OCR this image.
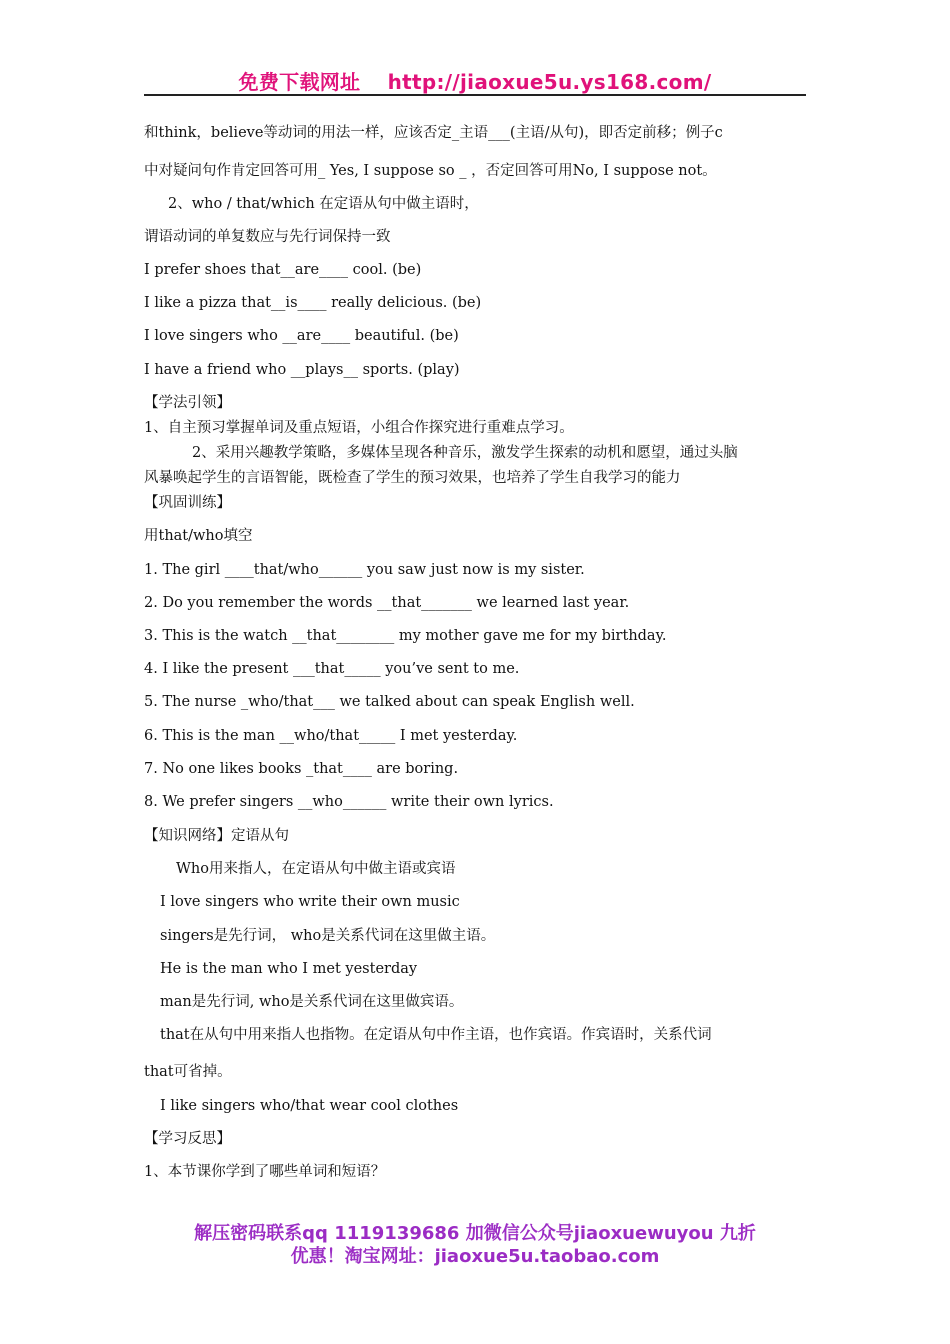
免费下载网址 http://jiaoxue5u.ys168.com/
和think，believe等动词的用法一样，应该否定_主语___(主语/从句)，即否定前移；例子c
中对疑问句作肯定回答可用_ Yes, I suppose so _ ，否定回答可用No, I suppose not。
2、who / that/which 在定语从句中做主语时，
谓语动词的单复数应与先行词保持一致
I prefer shoes that__are____ cool. (be)
I like a pizza that__is____ really delicious. (be)
I love singers who __are____ beautiful. (be)
I have a friend who __plays__ sports. (play)
【学法引领】
1、自主预习掌握单词及重点短语，小组合作探究进行重难点学习。
2、采用兴趣教学策略，多媒体呈现各种音乐，激发学生探索的动机和愿望，通过头脑
风暴唤起学生的言语智能，既检查了学生的预习效果，也培养了学生自我学习的能力
【巩固训练】
用that/who填空
1. The girl ____that/who______ you saw just now is my sister.
2. Do you remember the words __that_______ we learned last year.
3. This is the watch __that________ my mother gave me for my birthday.
4. I like the present ___that_____ you’ve sent to me.
5. The nurse _who/that___ we talked about can speak English well.
6. This is the man __who/that_____ I met yesterday.
7. No one likes books _that____ are boring.
8. We prefer singers __who______ write their own lyrics.
【知识网络】定语从句
Who用来指人，在定语从句中做主语或宾语
I love singers who write their own music
singers是先行词， who是关系代词在这里做主语。
He is the man who I met yesterday
man是先行词, who是关系代词在这里做宾语。
that在从句中用来指人也指物。在定语从句中作主语，也作宾语。作宾语时，关系代词
that可省掉。
I like singers who/that wear cool clothes
【学习反思】
1、本节课你学到了哪些单词和短语？
解压密码联系qq 1119139686 加微信公众号jiaoxuewuyou 九折
优惠！淘宝网址：jiaoxue5u.taobao.com
